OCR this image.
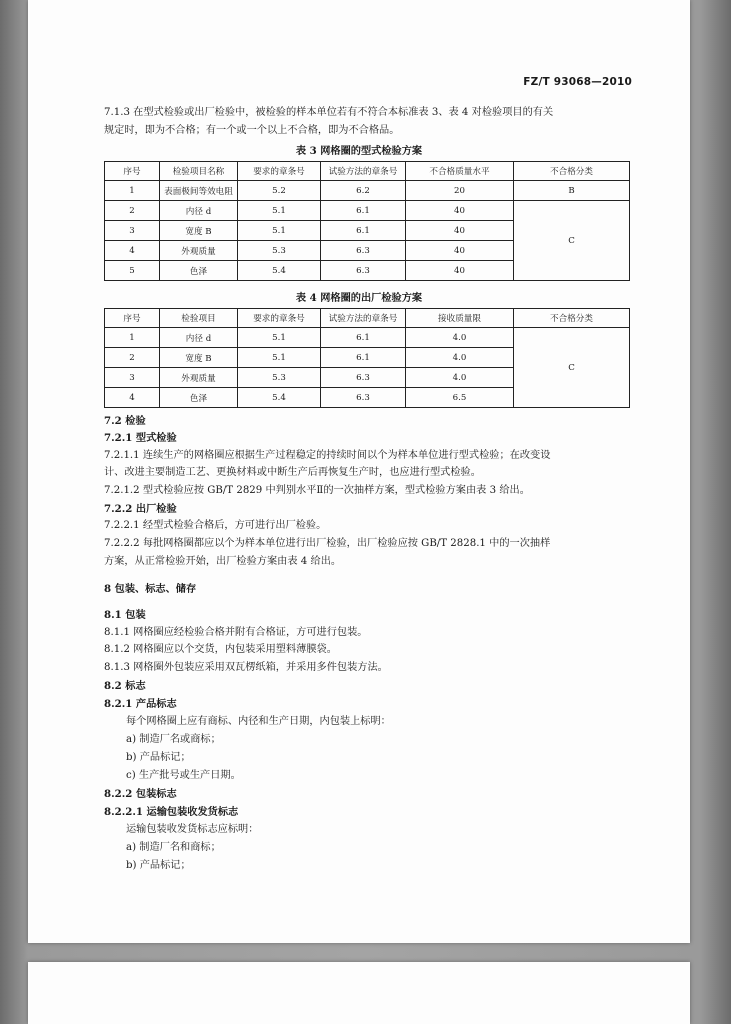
FZ/T 93068—2010
7.1.3 在型式检验或出厂检验中，被检验的样本单位若有不符合本标准表 3、表 4 对检验项目的有关
规定时，即为不合格；有一个或一个以上不合格，即为不合格品。
表 3 网格圈的型式检验方案
序号	检验项目名称	要求的章条号	试验方法的章条号	不合格质量水平	不合格分类
1	表面极间等效电阻	5.2	6.2	20	B
2	内径 d	5.1	6.1	40	C
3	宽度 B	5.1	6.1	40	
4	外观质量	5.3	6.3	40	
5	色泽	5.4	6.3	40	
表 4 网格圈的出厂检验方案
序号	检验项目	要求的章条号	试验方法的章条号	接收质量限	不合格分类
1	内径 d	5.1	6.1	4.0	C
2	宽度 B	5.1	6.1	4.0	
3	外观质量	5.3	6.3	4.0	
4	色泽	5.4	6.3	6.5	
7.2 检验
7.2.1 型式检验
7.2.1.1 连续生产的网格圈应根据生产过程稳定的持续时间以个为样本单位进行型式检验；在改变设
计、改进主要制造工艺、更换材料或中断生产后再恢复生产时，也应进行型式检验。
7.2.1.2 型式检验应按 GB/T 2829 中判别水平Ⅱ的一次抽样方案，型式检验方案由表 3 给出。
7.2.2 出厂检验
7.2.2.1 经型式检验合格后，方可进行出厂检验。
7.2.2.2 每批网格圈都应以个为样本单位进行出厂检验，出厂检验应按 GB/T 2828.1 中的一次抽样
方案，从正常检验开始，出厂检验方案由表 4 给出。
8 包装、标志、储存
8.1 包装
8.1.1 网格圈应经检验合格并附有合格证，方可进行包装。
8.1.2 网格圈应以个交货，内包装采用塑料薄膜袋。
8.1.3 网格圈外包装应采用双瓦楞纸箱，并采用多件包装方法。
8.2 标志
8.2.1 产品标志
每个网格圈上应有商标、内径和生产日期，内包装上标明：
a) 制造厂名或商标；
b) 产品标记；
c) 生产批号或生产日期。
8.2.2 包装标志
8.2.2.1 运输包装收发货标志
运输包装收发货标志应标明：
a) 制造厂名和商标；
b) 产品标记；
